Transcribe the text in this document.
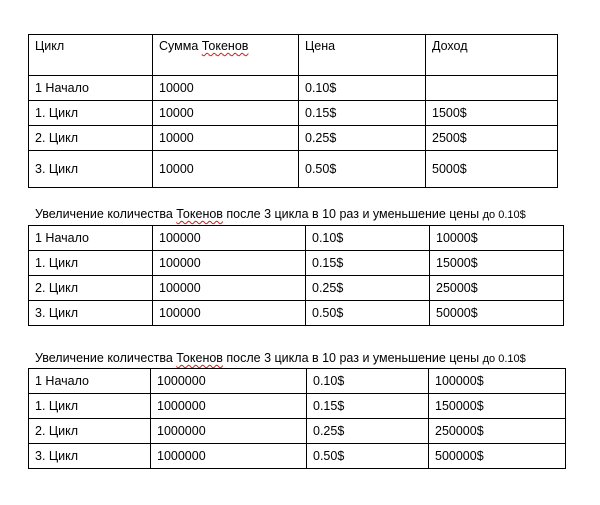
Цикл	Сумма Токенов	Цена	Доход
1 Начало	10000	0.10$	
1. Цикл	10000	0.15$	1500$
2. Цикл	10000	0.25$	2500$
3. Цикл	10000	0.50$	5000$
Увеличение количества Токенов после 3 цикла в 10 раз и уменьшение цены до 0.10$
1 Начало	100000	0.10$	10000$
1. Цикл	100000	0.15$	15000$
2. Цикл	100000	0.25$	25000$
3. Цикл	100000	0.50$	50000$
Увеличение количества Токенов после 3 цикла в 10 раз и уменьшение цены до 0.10$
1 Начало	1000000	0.10$	100000$
1. Цикл	1000000	0.15$	150000$
2. Цикл	1000000	0.25$	250000$
3. Цикл	1000000	0.50$	500000$
